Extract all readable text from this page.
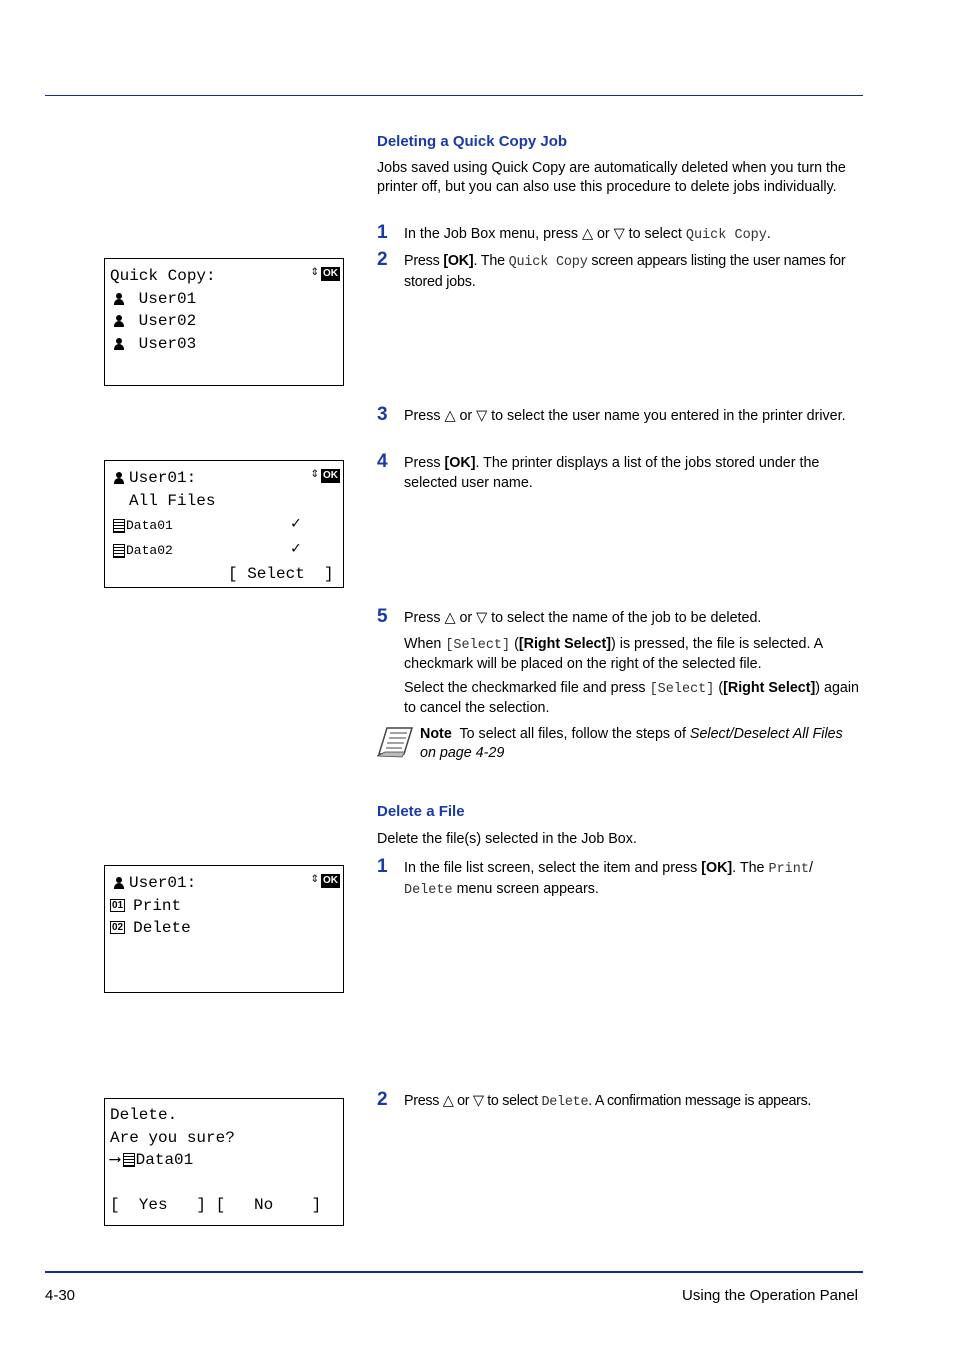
Deleting a Quick Copy Job
Jobs saved using Quick Copy are automatically deleted when you turn the printer off, but you can also use this procedure to delete jobs individually.
1 In the Job Box menu, press △ or ▽ to select Quick Copy.
2 Press [OK]. The Quick Copy screen appears listing the user names for stored jobs.
3 Press △ or ▽ to select the user name you entered in the printer driver.
4 Press [OK]. The printer displays a list of the jobs stored under the selected user name.
5 Press △ or ▽ to select the name of the job to be deleted.
When [Select] ([Right Select]) is pressed, the file is selected. A checkmark will be placed on the right of the selected file.
Select the checkmarked file and press [Select] ([Right Select]) again to cancel the selection.
Note To select all files, follow the steps of Select/Deselect All Files on page 4-29
Delete a File
Delete the file(s) selected in the Job Box.
1 In the file list screen, select the item and press [OK]. The Print/
Delete menu screen appears.
2 Press △ or ▽ to select Delete. A confirmation message is appears.
Quick Copy:	⇕ OK
User01
User02
User03
User01:	⇕ OK
All Files
Data01	✓
Data02	✓
[ Select  ]
User01:	⇕ OK
01 Print
02 Delete
Delete.
Are you sure?
⟶ Data01
[  Yes   ] [   No    ]
4-30	Using the Operation Panel
